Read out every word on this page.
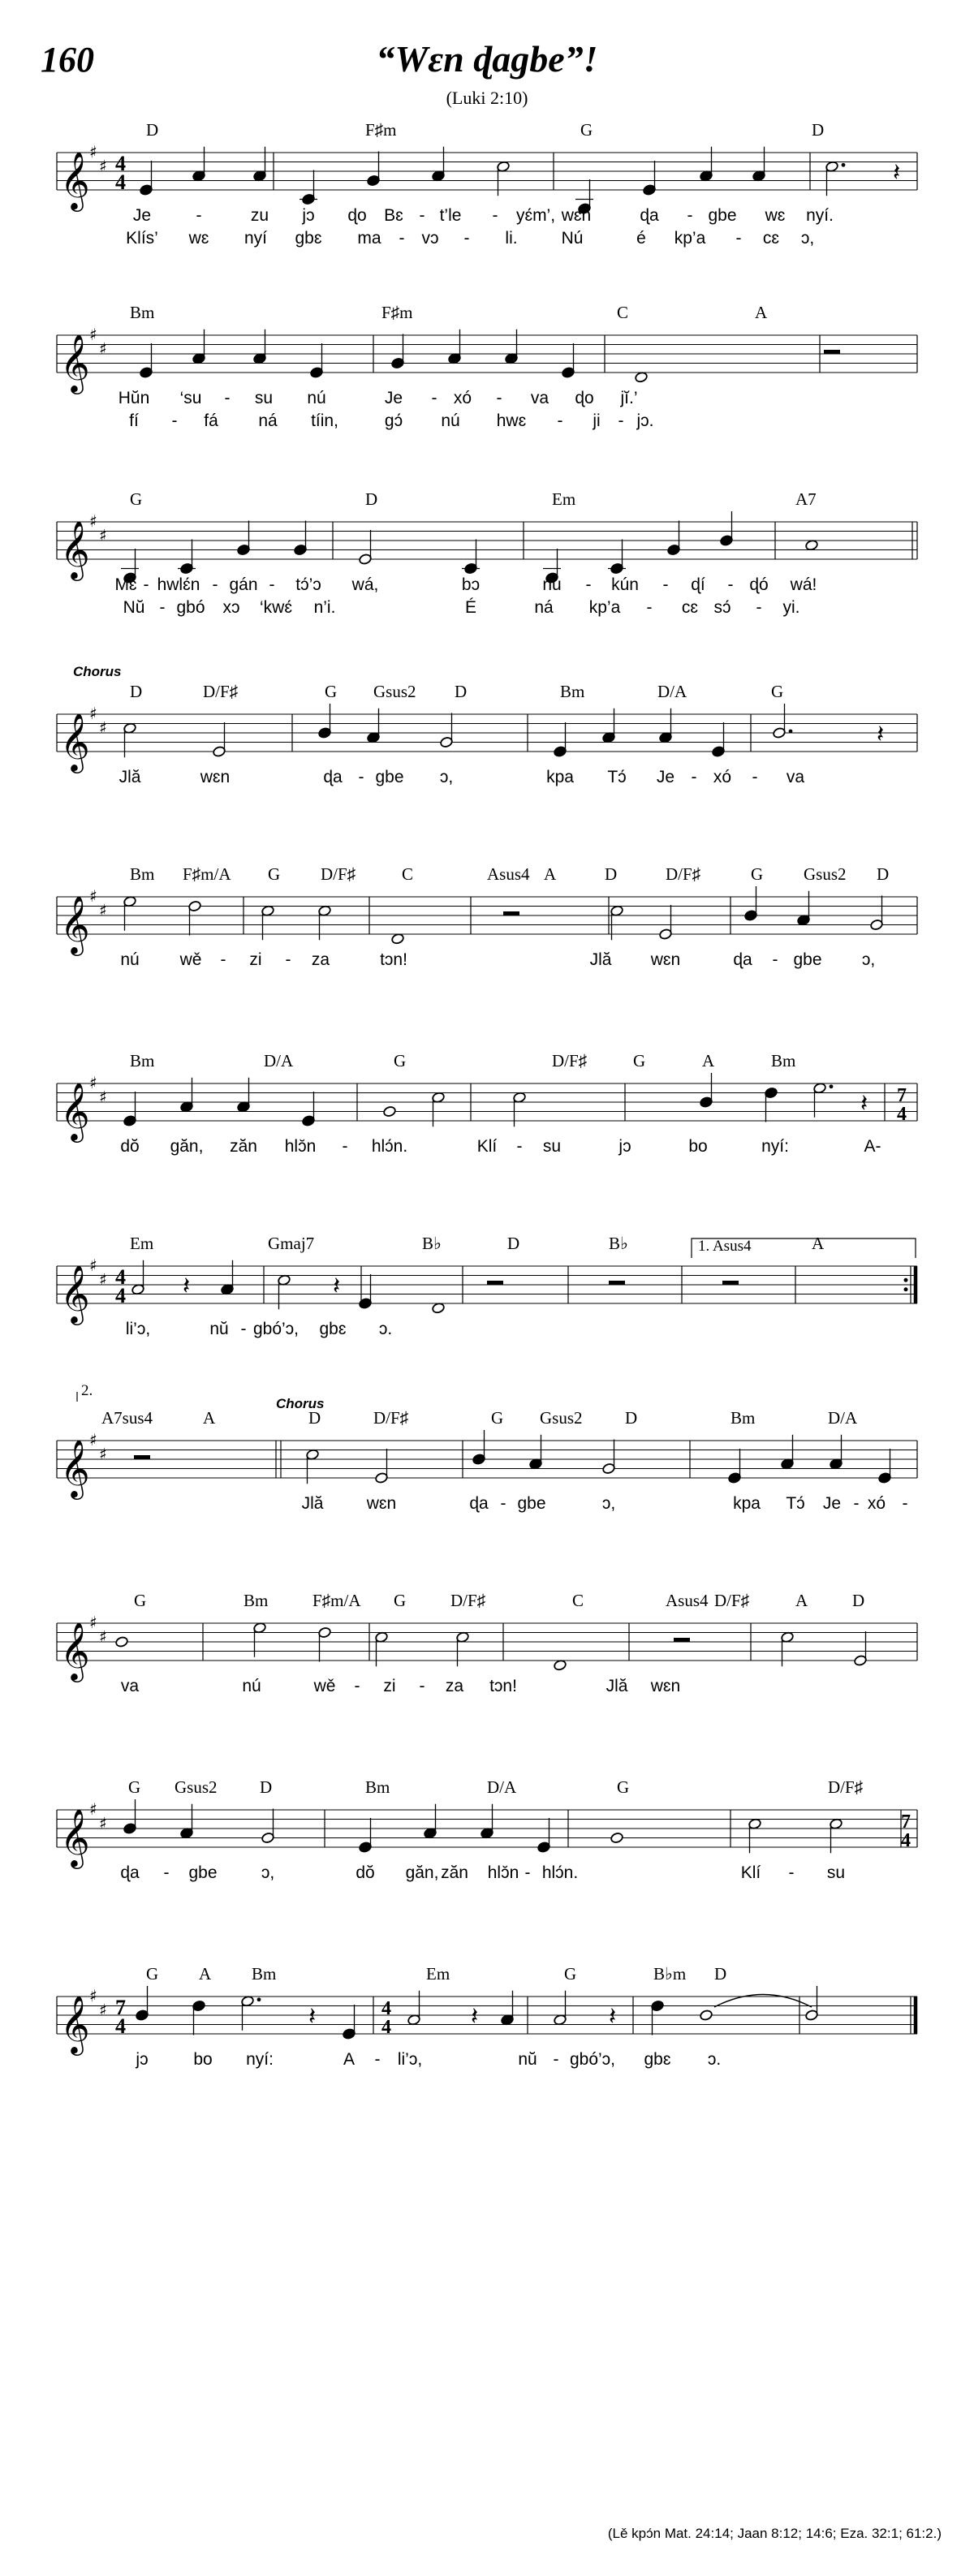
160	“Wɛn ɖagbe”!
(Luki 2:10)
𝄞 ♯
♯ 4
4	𝄽
D	F♯m	G	D
Je	-	zu jɔ ɖo Bɛ - t’le - yɛ́m’, wɛn	ɖa - gbe wɛ nyí.
Klís’ wɛ nyí gbɛ ma - vɔ - li.	Nú	é kp’a - cɛ ɔ,
𝄞 ♯
♯
Bm	F♯m	C	A
Hŭn ‘su - su nú	Je - xó - va ɖo jĭ.’
fí - fá ná tíin,	gɔ́ nú hwɛ - ji - jɔ.
𝄞 ♯
♯
G	D	Em	A7
Mɛ - hwlɛ́n - gán - tɔ́’ɔ wá,	bɔ	nu - kún - ɖí - ɖó wá!
Nŭ - gbó xɔ ‘kwɛ́ n’i.	É	ná kp’a - cɛ sɔ́ - yi.
𝄞 ♯
♯	𝄽
Chorus
D	D/F♯	G Gsus2 D	Bm	D/A	G
Jlă	wɛn	ɖa - gbe ɔ,	kpa Tɔ́ Je - xó - va
𝄞 ♯
♯
Bm F♯m/A G D/F♯	C	Asus4 A	D	D/F♯	G Gsus2 D
nú wě - zi - za	tɔn!	Jlă wɛn	ɖa - gbe ɔ,
𝄞 ♯
♯	7
4
𝄽
Bm	D/A	G	D/F♯	G	A	Bm
dŏ găn, zăn hlɔ̆n - hlɔ́n.	Klí - su	jɔ	bo	nyí:	A-
𝄞 ♯
♯ 4
4 𝄽	𝄽
1. Asus4
Em	Gmaj7	B♭	D	B♭	A
li’ɔ,	nŭ - gbó’ɔ, gbɛ ɔ.
𝄞 ♯
♯
2.
Chorus
A7sus4	A	D	D/F♯	G Gsus2 D	Bm	D/A
Jlă	wɛn	ɖa - gbe	ɔ,	kpa Tɔ́ Je - xó -
𝄞 ♯
♯
G	Bm	F♯m/A G	D/F♯	C	Asus4	A	D
D/F♯
va	nú	wě - zi - za tɔn!	Jlă wɛn
𝄞 ♯
♯	7
4
G Gsus2 D	Bm	D/A	G	D/F♯
ɖa - gbe	ɔ,	dŏ găn, zăn hlɔ̆n - hlɔ́n.	Klí - su
𝄞 ♯
♯ 7
4
4
4
𝄽	𝄽	𝄽
G A Bm	Em	G	B♭m D
jɔ	bo nyí:	A - li’ɔ,	nŭ - gbó’ɔ, gbɛ ɔ.
(Lě kpɔ́n Mat. 24:14; Jaan 8:12; 14:6; Eza. 32:1; 61:2.)
